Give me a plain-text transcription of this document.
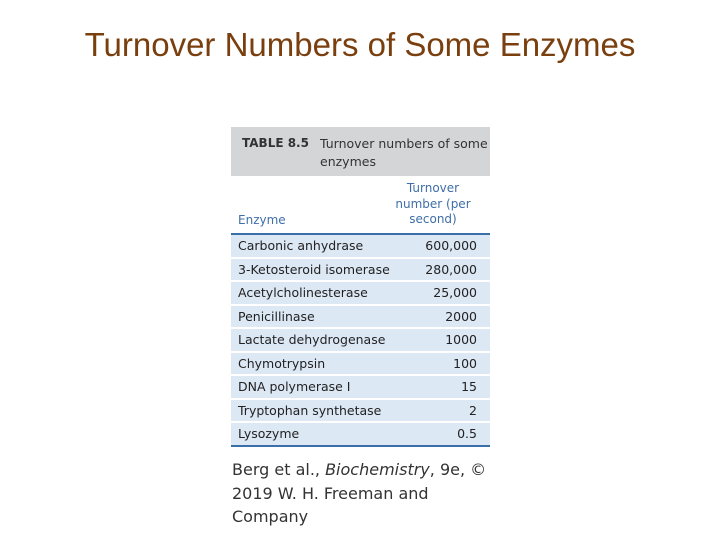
Turnover Numbers of Some Enzymes
TABLE 8.5 Turnover numbers of some enzymes
Enzyme
Turnover number (per second)
Carbonic anhydrase	600,000
3-Ketosteroid isomerase	280,000
Acetylcholinesterase	25,000
Penicillinase	2000
Lactate dehydrogenase	1000
Chymotrypsin	100
DNA polymerase I	15
Tryptophan synthetase	2
Lysozyme	0.5
Berg et al., Biochemistry, 9e, © 2019 W. H. Freeman and Company
